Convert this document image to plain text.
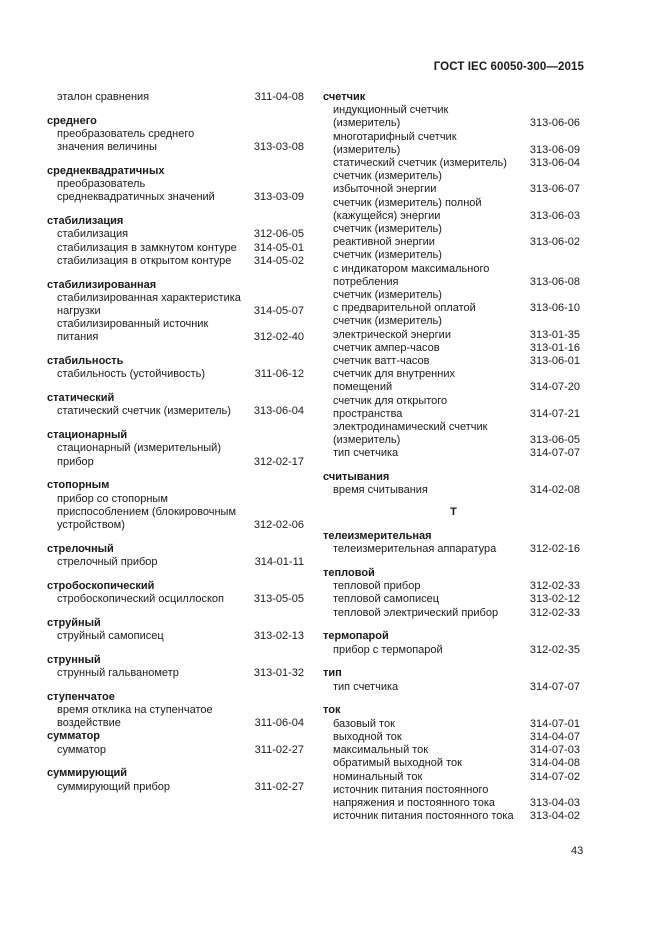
ГОСТ IEC 60050-300—2015
эталон сравнения	311-04-08
среднего
преобразователь среднего
значения величины	313-03-08
среднеквадратичных
преобразователь
среднеквадратичных значений	313-03-09
стабилизация
стабилизация	312-06-05
стабилизация в замкнутом контуре 314-05-01
стабилизация в открытом контуре 314-05-02
стабилизированная
стабилизированная характеристика
нагрузки	314-05-07
стабилизированный источник
питания	312-02-40
стабильность
стабильность (устойчивость)	311-06-12
статический
статический счетчик (измеритель) 313-06-04
стационарный
стационарный (измерительный)
прибор	312-02-17
стопорным
прибор со стопорным
приспособлением (блокировочным
устройством)	312-02-06
стрелочный
стрелочный прибор	314-01-11
стробоскопический
стробоскопический осциллоскоп	313-05-05
струйный
струйный самописец	313-02-13
струнный
струнный гальванометр	313-01-32
ступенчатое
время отклика на ступенчатое
воздействие	311-06-04
сумматор
сумматор	311-02-27
суммирующий
суммирующий прибор	311-02-27
счетчик
индукционный счетчик
(измеритель)	313-06-06
многотарифный счетчик
(измеритель)	313-06-09
статический счетчик (измеритель) 313-06-04
счетчик (измеритель)
избыточной энергии	313-06-07
счетчик (измеритель) полной
(кажущейся) энергии	313-06-03
счетчик (измеритель)
реактивной энергии	313-06-02
счетчик (измеритель)
с индикатором максимального
потребления	313-06-08
счетчик (измеритель)
с предварительной оплатой	313-06-10
счетчик (измеритель)
электрической энергии	313-01-35
счетчик ампер-часов	313-01-16
счетчик ватт-часов	313-06-01
счетчик для внутренних
помещений	314-07-20
счетчик для открытого
пространства	314-07-21
электродинамический счетчик
(измеритель)	313-06-05
тип счетчика	314-07-07
считывания
время считывания	314-02-08
Т
телеизмерительная
телеизмерительная аппаратура	312-02-16
тепловой
тепловой прибор	312-02-33
тепловой самописец	313-02-12
тепловой электрический прибор	312-02-33
термопарой
прибор с термопарой	312-02-35
тип
тип счетчика	314-07-07
ток
базовый ток	314-07-01
выходной ток	314-04-07
максимальный ток	314-07-03
обратимый выходной ток	314-04-08
номинальный ток	314-07-02
источник питания постоянного
напряжения и постоянного тока	313-04-03
источник питания постоянного тока 313-04-02
43
